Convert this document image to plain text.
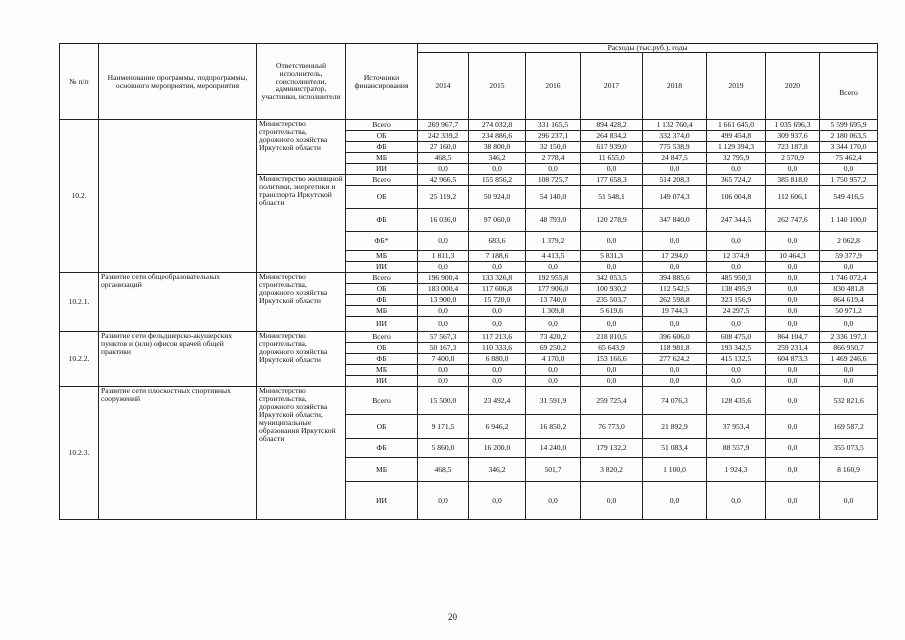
№ п/п	Наименование программы, подпрограммы, основного мероприятия, мероприятия	Ответственный исполнитель, соисполнители, администратор, участники, исполнители	Источники финансирования	Расходы (тыс.руб.), годы							
				2014	2015	2016	2017	2018	2019	2020	Всего
10.2.		Министерство строительства, дорожного хозяйства Иркутской области	Всего	269 967,7	274 032,8	331 165,5	894 428,2	1 132 760,4	1 661 645,0	1 035 696,3	5 599 695,9
			ОБ	242 339,2	234 886,6	296 237,1	264 834,2	332 374,0	499 454,8	309 937,6	2 180 063,5
			ФБ	27 160,0	38 800,0	32 150,0	617 939,0	775 538,9	1 129 394,3	723 187,8	3 344 170,0
			МБ	468,5	346,2	2 778,4	11 655,0	24 847,5	32 795,9	2 570,9	75 462,4
			ИИ	0,0	0,0	0,0	0,0	0,0	0,0	0,0	0,0
		Министерство жилищной политики, энергетики и транспорта Иркутской области	Всего	42 966,5	155 856,2	108 725,7	177 658,3	514 208,3	365 724,2	385 818,0	1 750 957,2
			ОБ	25 119,2	50 924,0	54 140,0	51 548,1	149 074,3	106 004,8	112 606,1	549 416,5
			ФБ	16 036,0	97 060,0	48 793,0	120 278,9	347 840,0	247 344,5	262 747,6	1 140 100,0
			ФБ*	0,0	683,6	1 379,2	0,0	0,0	0,0	0,0	2 062,8
			МБ	1 811,3	7 188,6	4 413,5	5 831,3	17 294,0	12 374,9	10 464,3	59 377,9
			ИИ	0,0	0,0	0,0	0,0	0,0	0,0	0,0	0,0
10.2.1.	Развитие сети общеобразовательных организаций	Министерство строительства, дорожного хозяйства Иркутской области	Всего	196 900,4	133 326,8	192 955,8	342 053,5	394 885,6	485 950,3	0,0	1 746 072,4
			ОБ	183 000,4	117 606,8	177 906,0	100 930,2	112 542,5	138 495,9	0,0	830 481,8
			ФБ	13 900,0	15 720,0	13 740,0	235 503,7	262 598,8	323 156,9	0,0	864 619,4
			МБ	0,0	0,0	1 309,8	5 619,6	19 744,3	24 297,5	0,0	50 971,2
			ИИ	0,0	0,0	0,0	0,0	0,0	0,0	0,0	0,0
10.2.2.	Развитие сети фельдшерско-акушерских пунктов и (или) офисов врачей общей практики	Министерство строительства, дорожного хозяйства Иркутской области	Всего	57 567,3	117 213,6	73 420,2	218 810,5	396 606,0	608 475,0	864 104,7	2 336 197,3
			ОБ	50 167,3	110 333,6	69 250,2	65 643,9	118 981,8	193 342,5	259 231,4	866 950,7
			ФБ	7 400,0	6 880,0	4 170,0	153 166,6	277 624,2	415 132,5	604 873,3	1 469 246,6
			МБ	0,0	0,0	0,0	0,0	0,0	0,0	0,0	0,0
			ИИ	0,0	0,0	0,0	0,0	0,0	0,0	0,0	0,0
10.2.3.	Развитие сети плоскостных спортивных сооружений	Министерство строительства, дорожного хозяйства Иркутской области, муниципальные образования Иркутской области	Всего	15 500,0	23 492,4	31 591,9	259 725,4	74 076,3	128 435,6	0,0	532 821,6
			ОБ	9 171,5	6 946,2	16 850,2	76 773,0	21 892,9	37 953,4	0,0	169 587,2
			ФБ	5 860,0	16 200,0	14 240,0	179 132,2	51 083,4	88 557,9	0,0	355 073,5
			МБ	468,5	346,2	501,7	3 820,2	1 100,0	1 924,3	0,0	8 160,9
			ИИ	0,0	0,0	0,0	0,0	0,0	0,0	0,0	0,0
20
